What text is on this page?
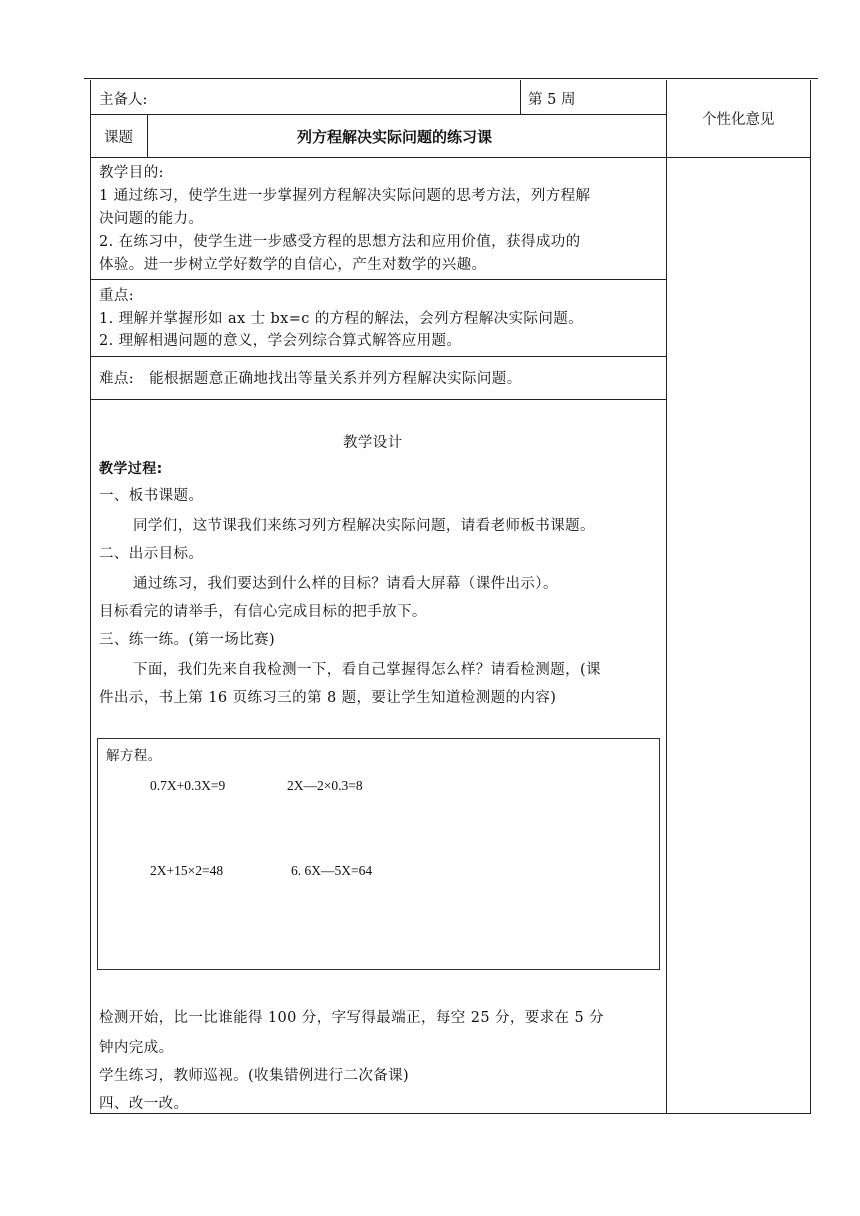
主备人:	第 5 周
个性化意见
课题	列方程解决实际问题的练习课
教学目的:
1 通过练习，使学生进一步掌握列方程解决实际问题的思考方法，列方程解
决问题的能力。
2. 在练习中，使学生进一步感受方程的思想方法和应用价值，获得成功的
体验。进一步树立学好数学的自信心，产生对数学的兴趣。
重点:
1. 理解并掌握形如 ax 士 bx=c 的方程的解法，会列方程解决实际问题。
2. 理解相遇问题的意义，学会列综合算式解答应用题。
难点:   能根据题意正确地找出等量关系并列方程解决实际问题。
教学设计
教学过程:
一、板书课题。
同学们，这节课我们来练习列方程解决实际问题，请看老师板书课题。
二、出示目标。
通过练习，我们要达到什么样的目标？请看大屏幕（课件出示）。
目标看完的请举手，有信心完成目标的把手放下。
三、练一练。(第一场比赛)
下面，我们先来自我检测一下，看自己掌握得怎么样？请看检测题，(课
件出示，书上第 16 页练习三的第 8 题，要让学生知道检测题的内容)
解方程。
0.7X+0.3X=9	2X—2×0.3=8
2X+15×2=48	6. 6X—5X=64
检测开始，比一比谁能得 100 分，字写得最端正，每空 25 分，要求在 5 分
钟内完成。
学生练习，教师巡视。(收集错例进行二次备课)
四、改一改。
